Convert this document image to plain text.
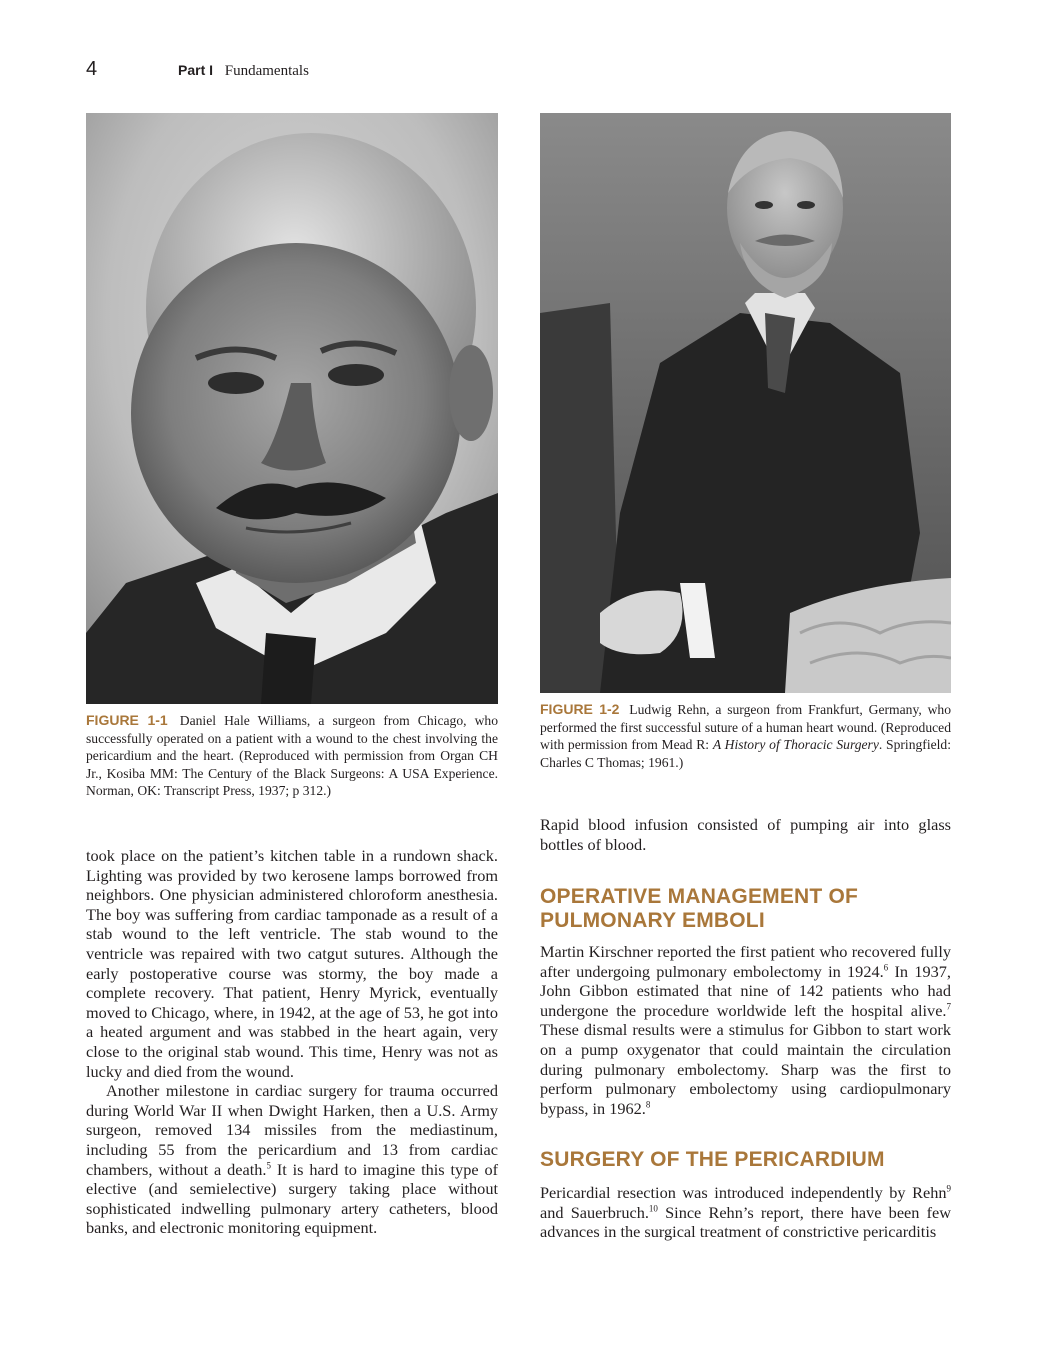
4	Part I Fundamentals
FIGURE 1-1 Daniel Hale Williams, a surgeon from Chicago, who successfully operated on a patient with a wound to the chest involving the pericardium and the heart. (Reproduced with permission from Organ CH Jr., Kosiba MM: The Century of the Black Surgeons: A USA Experience. Norman, OK: Transcript Press, 1937; p 312.)
FIGURE 1-2 Ludwig Rehn, a surgeon from Frankfurt, Germany, who performed the first successful suture of a human heart wound. (Reproduced with permission from Mead R: A History of Thoracic Surgery. Springfield: Charles C Thomas; 1961.)

took place on the patient’s kitchen table in a rundown shack. Lighting was provided by two kerosene lamps borrowed from neighbors. One physician administered chloroform anesthesia. The boy was suffering from cardiac tamponade as a result of a stab wound to the left ventricle. The stab wound to the ventricle was repaired with two catgut sutures. Although the early postoperative course was stormy, the boy made a complete recovery. That patient, Henry Myrick, eventually moved to Chicago, where, in 1942, at the age of 53, he got into a heated argument and was stabbed in the heart again, very close to the original stab wound. This time, Henry was not as lucky and died from the wound.

Another milestone in cardiac surgery for trauma occurred during World War II when Dwight Harken, then a U.S. Army surgeon, removed 134 missiles from the mediastinum, including 55 from the pericardium and 13 from cardiac chambers, without a death.$^5$ It is hard to imagine this type of elective (and semielective) surgery taking place without sophisticated indwelling pulmonary artery catheters, blood banks, and electronic monitoring equipment.

Rapid blood infusion consisted of pumping air into glass bottles of blood.

OPERATIVE MANAGEMENT OF
PULMONARY EMBOLI

Martin Kirschner reported the first patient who recovered fully after undergoing pulmonary embolectomy in 1924.$^6$ In 1937, John Gibbon estimated that nine of 142 patients who had undergone the procedure worldwide left the hospital alive.$^7$ These dismal results were a stimulus for Gibbon to start work on a pump oxygenator that could maintain the circulation during pulmonary embolectomy. Sharp was the first to perform pulmonary embolectomy using cardiopulmonary bypass, in 1962.$^8$

SURGERY OF THE PERICARDIUM

Pericardial resection was introduced independently by Rehn$^9$ and Sauerbruch.$^{10}$ Since Rehn’s report, there have been few advances in the surgical treatment of constrictive pericarditis
